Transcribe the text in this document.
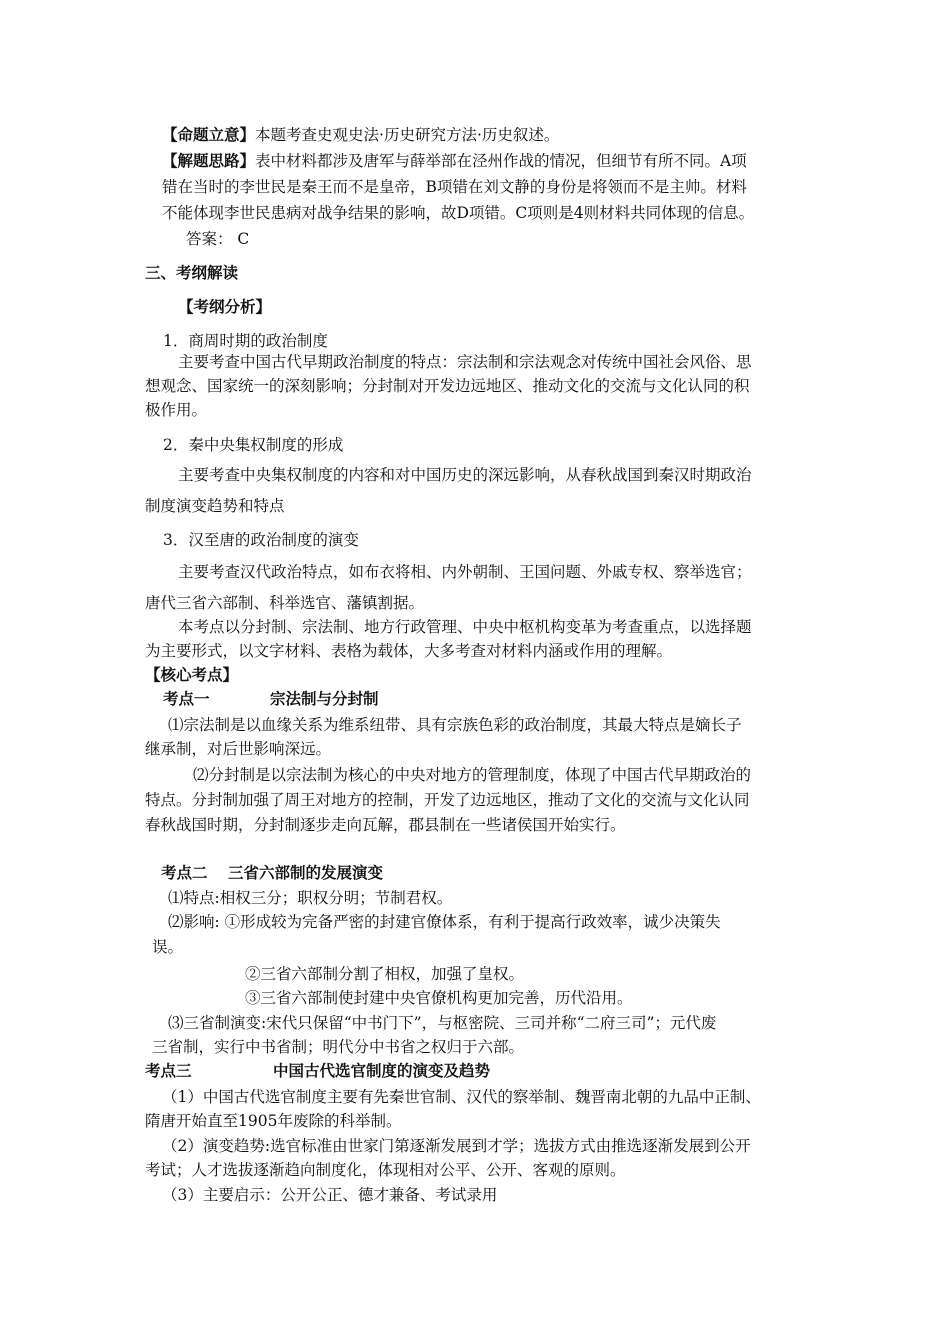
【命题立意】本题考查史观史法·历史研究方法·历史叙述。
【解题思路】表中材料都涉及唐军与薛举部在泾州作战的情况，但细节有所不同。A项
错在当时的李世民是秦王而不是皇帝，B项错在刘文静的身份是将领而不是主帅。材料
不能体现李世民患病对战争结果的影响，故D项错。C项则是4则材料共同体现的信息。
答案： C
三、考纲解读
【考纲分析】
1．商周时期的政治制度
主要考查中国古代早期政治制度的特点：宗法制和宗法观念对传统中国社会风俗、思
想观念、国家统一的深刻影响；分封制对开发边远地区、推动文化的交流与文化认同的积
极作用。
2．秦中央集权制度的形成
主要考查中央集权制度的内容和对中国历史的深远影响，从春秋战国到秦汉时期政治
制度演变趋势和特点
3．汉至唐的政治制度的演变
主要考查汉代政治特点，如布衣将相、内外朝制、王国问题、外戚专权、察举选官；
唐代三省六部制、科举选官、藩镇割据。
本考点以分封制、宗法制、地方行政管理、中央中枢机构变革为考查重点，以选择题
为主要形式，以文字材料、表格为载体，大多考查对材料内涵或作用的理解。
【核心考点】
考点一	宗法制与分封制
⑴宗法制是以血缘关系为维系纽带、具有宗族色彩的政治制度，其最大特点是嫡长子
继承制，对后世影响深远。
⑵分封制是以宗法制为核心的中央对地方的管理制度，体现了中国古代早期政治的
特点。分封制加强了周王对地方的控制，开发了边远地区，推动了文化的交流与文化认同
春秋战国时期，分封制逐步走向瓦解，郡县制在一些诸侯国开始实行。
考点二 三省六部制的发展演变
⑴特点:相权三分；职权分明；节制君权。
⑵影响: ①形成较为完备严密的封建官僚体系，有利于提高行政效率，诚少决策失
误。
②三省六部制分割了相权，加强了皇权。
③三省六部制使封建中央官僚机构更加完善，历代沿用。
⑶三省制演变:宋代只保留“中书门下”，与枢密院、三司并称“二府三司”；元代废
三省制，实行中书省制；明代分中书省之权归于六部。
考点三	中国古代选官制度的演变及趋势
（1）中国古代选官制度主要有先秦世官制、汉代的察举制、魏晋南北朝的九品中正制、
隋唐开始直至1905年废除的科举制。
（2）演变趋势:选官标准由世家门第逐渐发展到才学；选拔方式由推选逐渐发展到公开
考试；人才选拔逐渐趋向制度化，体现相对公平、公开、客观的原则。
（3）主要启示：公开公正、德才兼备、考试录用
